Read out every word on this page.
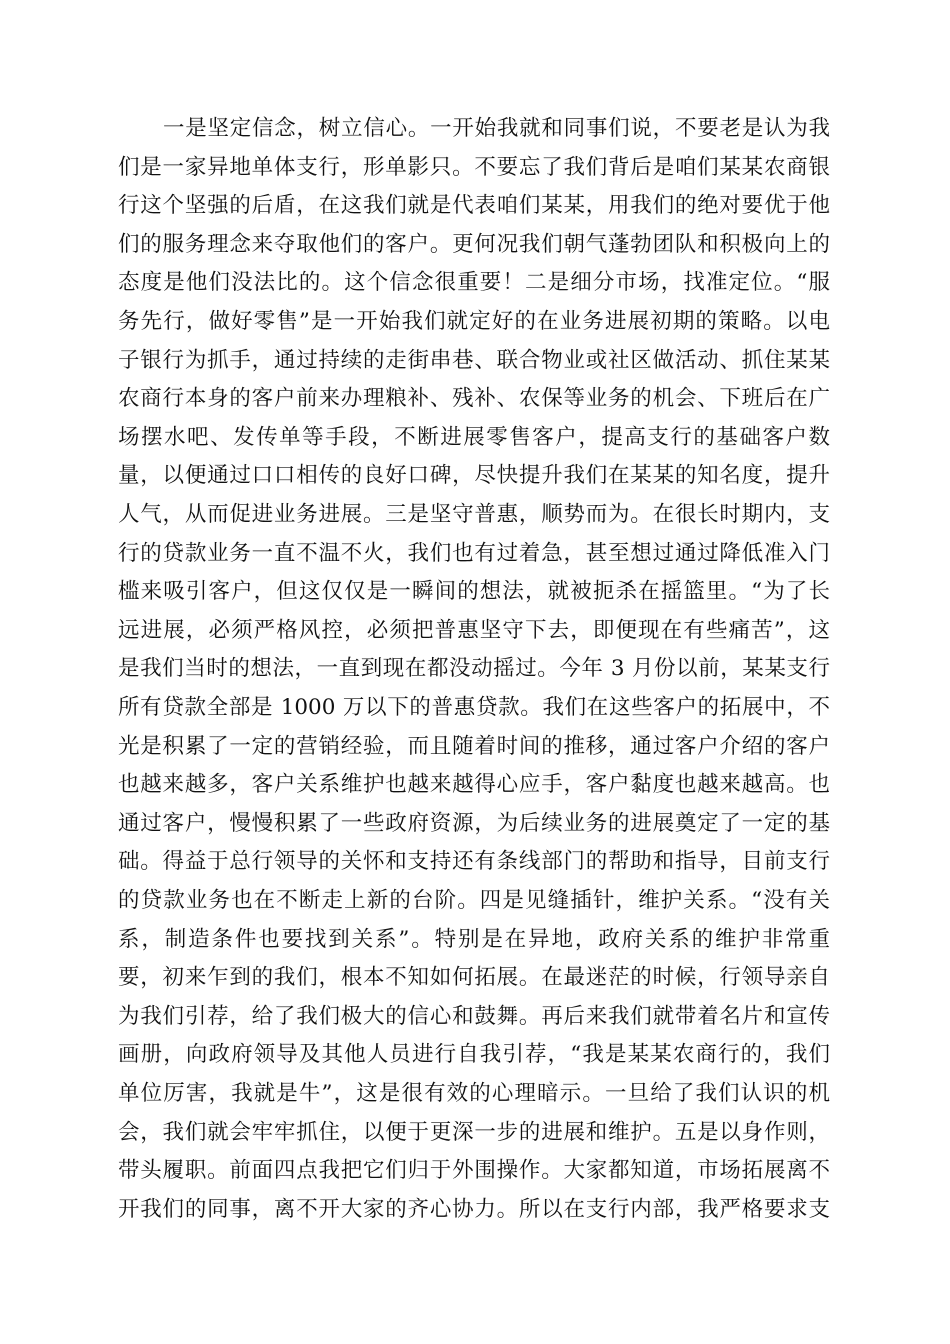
一是坚定信念，树立信心。一开始我就和同事们说，不要老是认为我
们是一家异地单体支行，形单影只。不要忘了我们背后是咱们某某农商银
行这个坚强的后盾，在这我们就是代表咱们某某，用我们的绝对要优于他
们的服务理念来夺取他们的客户。更何况我们朝气蓬勃团队和积极向上的
态度是他们没法比的。这个信念很重要！二是细分市场，找准定位。“服
务先行，做好零售”是一开始我们就定好的在业务进展初期的策略。以电
子银行为抓手，通过持续的走街串巷、联合物业或社区做活动、抓住某某
农商行本身的客户前来办理粮补、残补、农保等业务的机会、下班后在广
场摆水吧、发传单等手段，不断进展零售客户，提高支行的基础客户数
量，以便通过口口相传的良好口碑，尽快提升我们在某某的知名度，提升
人气，从而促进业务进展。三是坚守普惠，顺势而为。在很长时期内，支
行的贷款业务一直不温不火，我们也有过着急，甚至想过通过降低准入门
槛来吸引客户，但这仅仅是一瞬间的想法，就被扼杀在摇篮里。“为了长
远进展，必须严格风控，必须把普惠坚守下去，即便现在有些痛苦”，这
是我们当时的想法，一直到现在都没动摇过。今年 3 月份以前，某某支行
所有贷款全部是 1000 万以下的普惠贷款。我们在这些客户的拓展中，不
光是积累了一定的营销经验，而且随着时间的推移，通过客户介绍的客户
也越来越多，客户关系维护也越来越得心应手，客户黏度也越来越高。也
通过客户，慢慢积累了一些政府资源，为后续业务的进展奠定了一定的基
础。得益于总行领导的关怀和支持还有条线部门的帮助和指导，目前支行
的贷款业务也在不断走上新的台阶。四是见缝插针，维护关系。“没有关
系，制造条件也要找到关系”。特别是在异地，政府关系的维护非常重
要，初来乍到的我们，根本不知如何拓展。在最迷茫的时候，行领导亲自
为我们引荐，给了我们极大的信心和鼓舞。再后来我们就带着名片和宣传
画册，向政府领导及其他人员进行自我引荐，“我是某某农商行的，我们
单位厉害，我就是牛”，这是很有效的心理暗示。一旦给了我们认识的机
会，我们就会牢牢抓住，以便于更深一步的进展和维护。五是以身作则，
带头履职。前面四点我把它们归于外围操作。大家都知道，市场拓展离不
开我们的同事，离不开大家的齐心协力。所以在支行内部，我严格要求支
